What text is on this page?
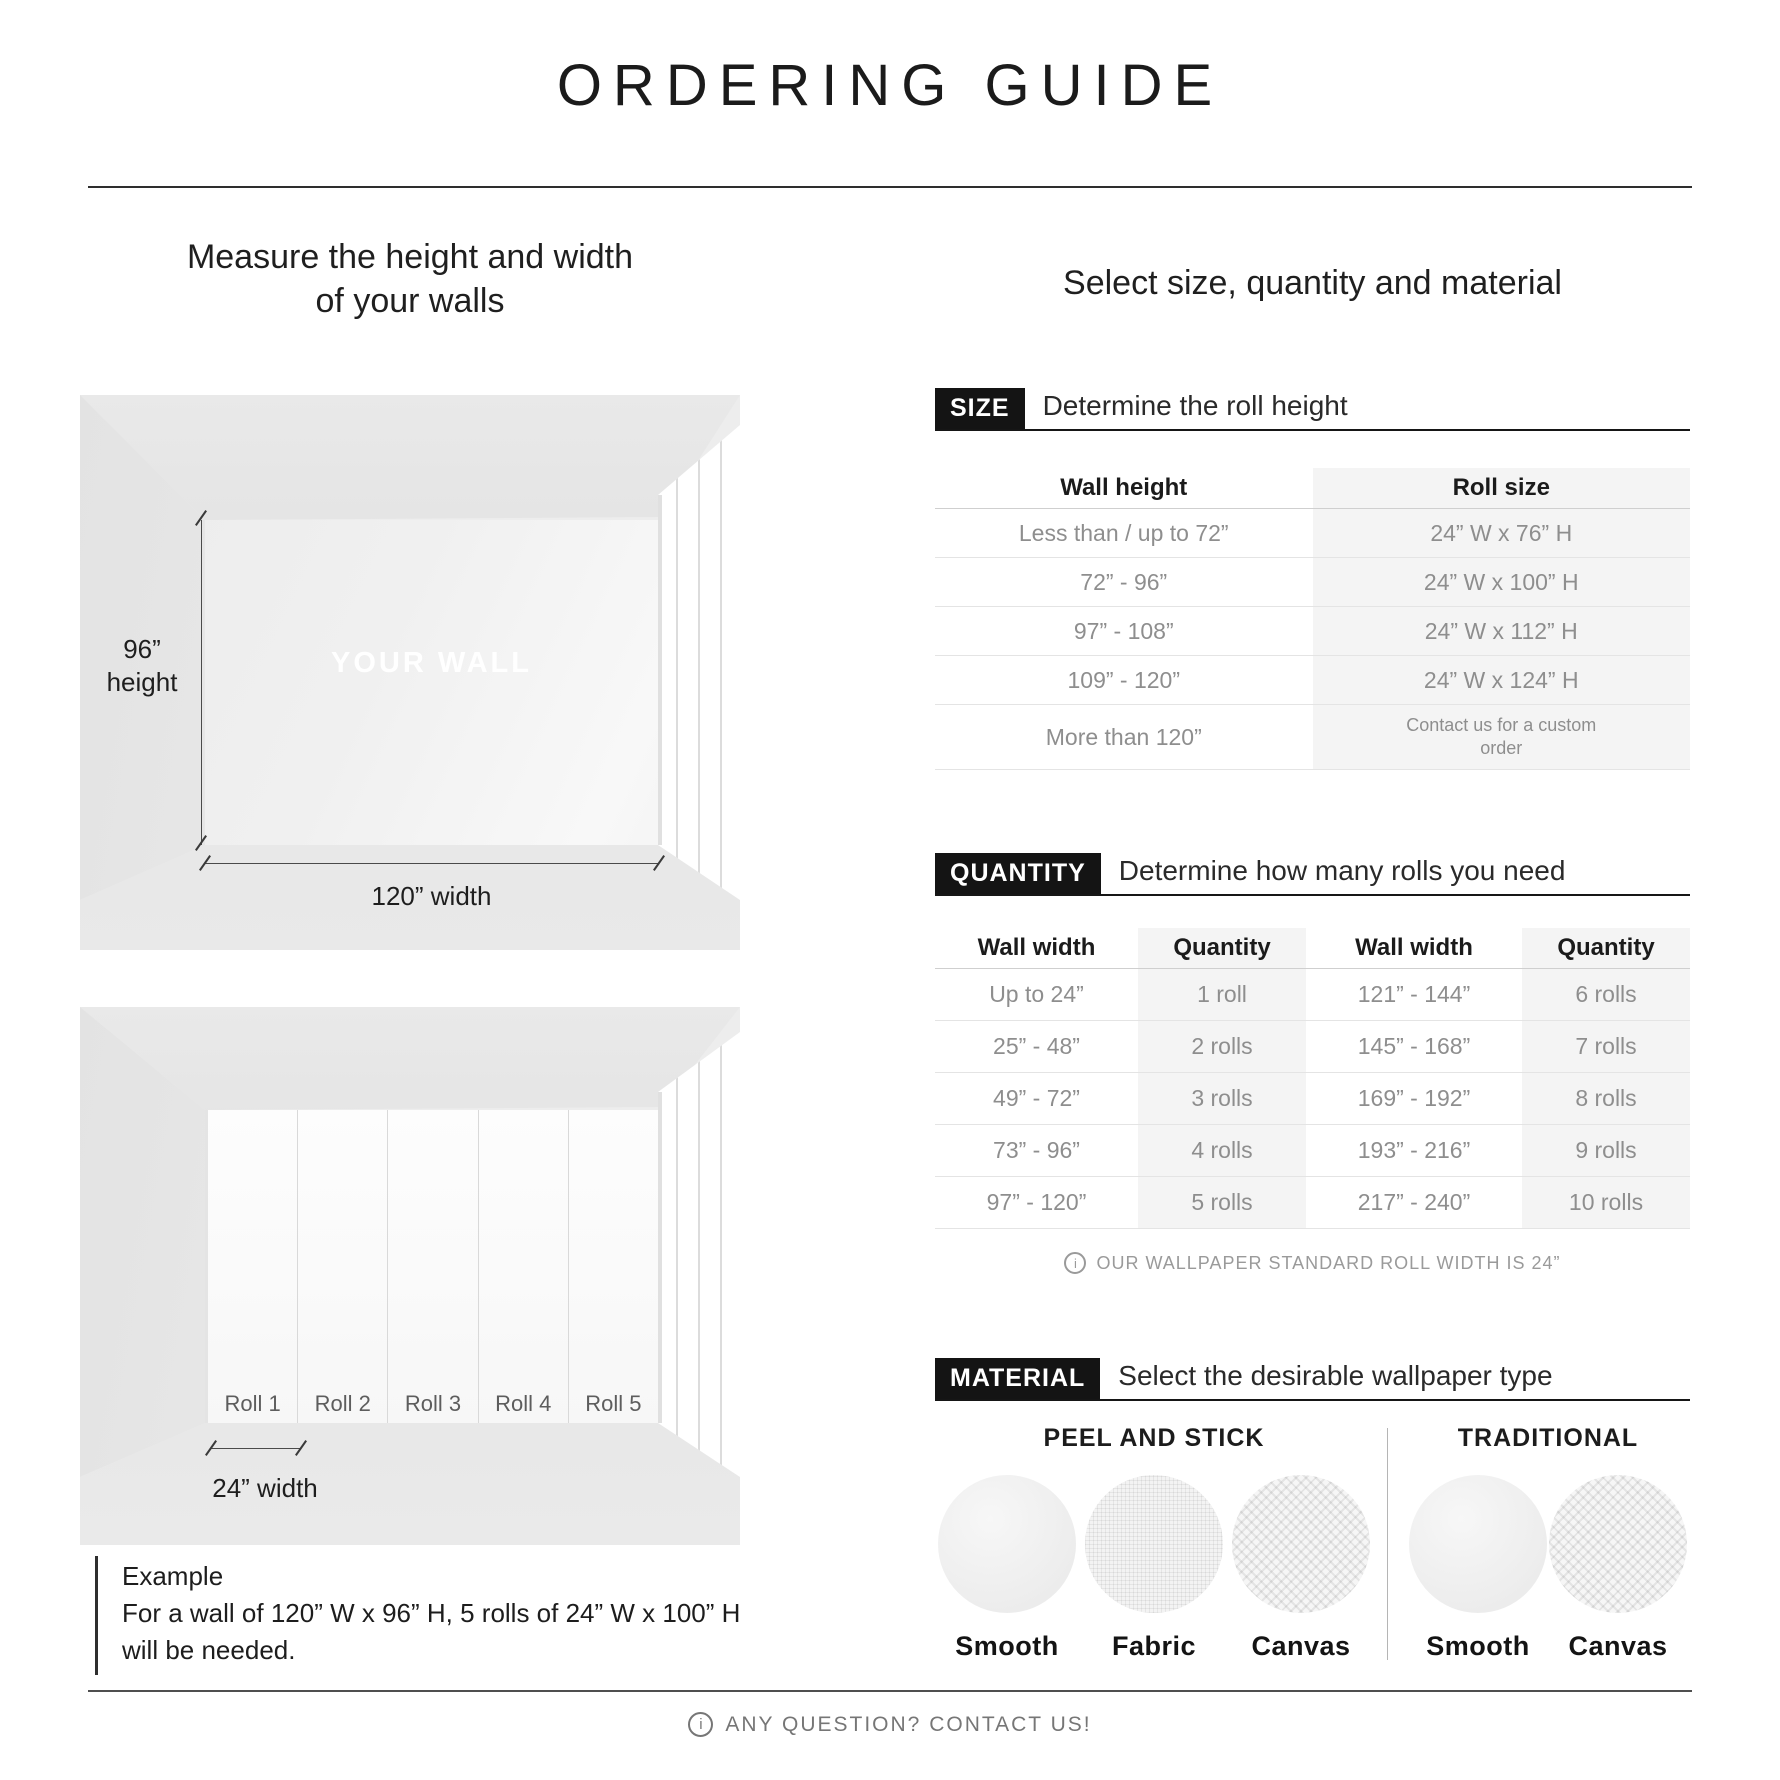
ORDERING GUIDE
Measure the height and width
of your walls	Select size, quantity and material
96”
height
YOUR WALL
120” width
Roll 1	Roll 2	Roll 3	Roll 4	Roll 5
24” width
Example
For a wall of 120” W x 96” H, 5 rolls of 24” W x 100” H
will be needed.
SIZE	Determine the roll height
Wall height	Roll size
Less than / up to 72”	24” W x 76” H
72” - 96”	24” W x 100” H
97” - 108”	24” W x 112” H
109” - 120”	24” W x 124” H
More than 120”	Contact us for a custom order
QUANTITY	Determine how many rolls you need
Wall width	Quantity	Wall width	Quantity
Up to 24”	1 roll	121” - 144”	6 rolls
25” - 48”	2 rolls	145” - 168”	7 rolls
49” - 72”	3 rolls	169” - 192”	8 rolls
73” - 96”	4 rolls	193” - 216”	9 rolls
97” - 120”	5 rolls	217” - 240”	10 rolls
i	OUR WALLPAPER STANDARD ROLL WIDTH IS 24”
MATERIAL	Select the desirable wallpaper type
PEEL AND STICK
Smooth	Fabric	Canvas
TRADITIONAL
Smooth	Canvas
i	ANY QUESTION? CONTACT US!
